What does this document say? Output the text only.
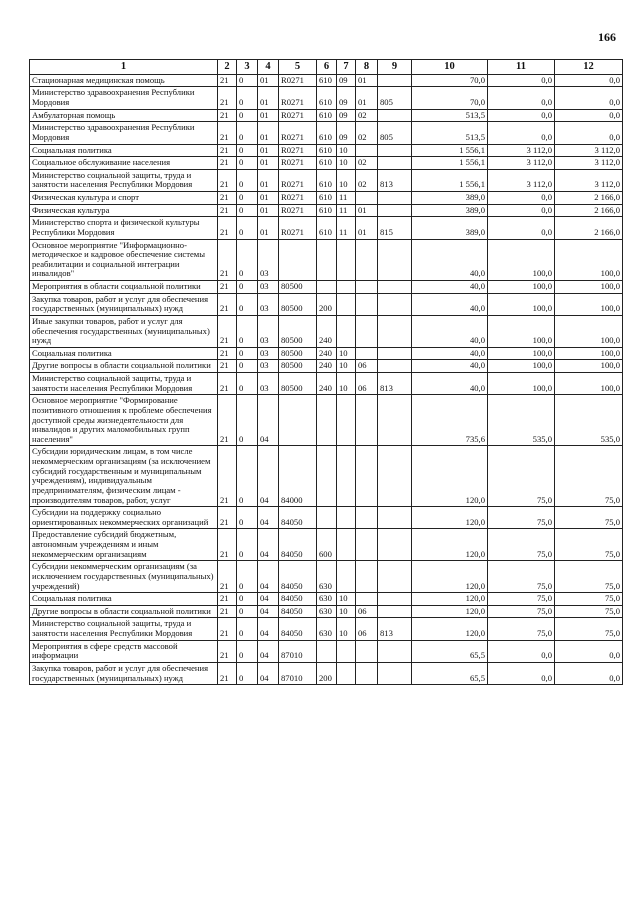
166
1	2	3	4	5	6	7	8	9	10	11	12
Стационарная медицинская помощь	21	0	01	R0271	610	09	01		70,0	0,0	0,0
Министерство здравоохранения Республики Мордовия	21	0	01	R0271	610	09	01	805	70,0	0,0	0,0
Амбулаторная помощь	21	0	01	R0271	610	09	02		513,5	0,0	0,0
Министерство здравоохранения Республики Мордовия	21	0	01	R0271	610	09	02	805	513,5	0,0	0,0
Социальная политика	21	0	01	R0271	610	10			1 556,1	3 112,0	3 112,0
Социальное обслуживание населения	21	0	01	R0271	610	10	02		1 556,1	3 112,0	3 112,0
Министерство социальной защиты, труда и занятости населения Республики Мордовия	21	0	01	R0271	610	10	02	813	1 556,1	3 112,0	3 112,0
Физическая культура и спорт	21	0	01	R0271	610	11			389,0	0,0	2 166,0
Физическая культура	21	0	01	R0271	610	11	01		389,0	0,0	2 166,0
Министерство спорта и физической культуры Республики Мордовия	21	0	01	R0271	610	11	01	815	389,0	0,0	2 166,0
Основное мероприятие "Информационно-методическое и кадровое обеспечение системы реабилитации и социальной интеграции инвалидов"	21	0	03						40,0	100,0	100,0
Мероприятия в области социальной политики	21	0	03	80500					40,0	100,0	100,0
Закупка товаров, работ и услуг для обеспечения государственных (муниципальных) нужд	21	0	03	80500	200				40,0	100,0	100,0
Иные закупки товаров, работ и услуг для обеспечения государственных (муниципальных) нужд	21	0	03	80500	240				40,0	100,0	100,0
Социальная политика	21	0	03	80500	240	10			40,0	100,0	100,0
Другие вопросы в области социальной политики	21	0	03	80500	240	10	06		40,0	100,0	100,0
Министерство социальной защиты, труда и занятости населения Республики Мордовия	21	0	03	80500	240	10	06	813	40,0	100,0	100,0
Основное мероприятие "Формирование позитивного отношения к проблеме обеспечения доступной среды жизнедеятельности для инвалидов и других маломобильных групп населения"	21	0	04						735,6	535,0	535,0
Субсидии юридическим лицам, в том числе некоммерческим организациям (за исключением субсидий государственным и муниципальным учреждениям), индивидуальным предпринимателям, физическим лицам - производителям товаров, работ, услуг	21	0	04	84000					120,0	75,0	75,0
Субсидии на поддержку социально ориентированных некоммерческих организаций	21	0	04	84050					120,0	75,0	75,0
Предоставление субсидий бюджетным, автономным учреждениям и иным некоммерческим организациям	21	0	04	84050	600				120,0	75,0	75,0
Субсидии некоммерческим организациям (за исключением государственных (муниципальных) учреждений)	21	0	04	84050	630				120,0	75,0	75,0
Социальная политика	21	0	04	84050	630	10			120,0	75,0	75,0
Другие вопросы в области социальной политики	21	0	04	84050	630	10	06		120,0	75,0	75,0
Министерство социальной защиты, труда и занятости населения Республики Мордовия	21	0	04	84050	630	10	06	813	120,0	75,0	75,0
Мероприятия в сфере средств массовой информации	21	0	04	87010					65,5	0,0	0,0
Закупка товаров, работ и услуг для обеспечения государственных (муниципальных) нужд	21	0	04	87010	200				65,5	0,0	0,0
